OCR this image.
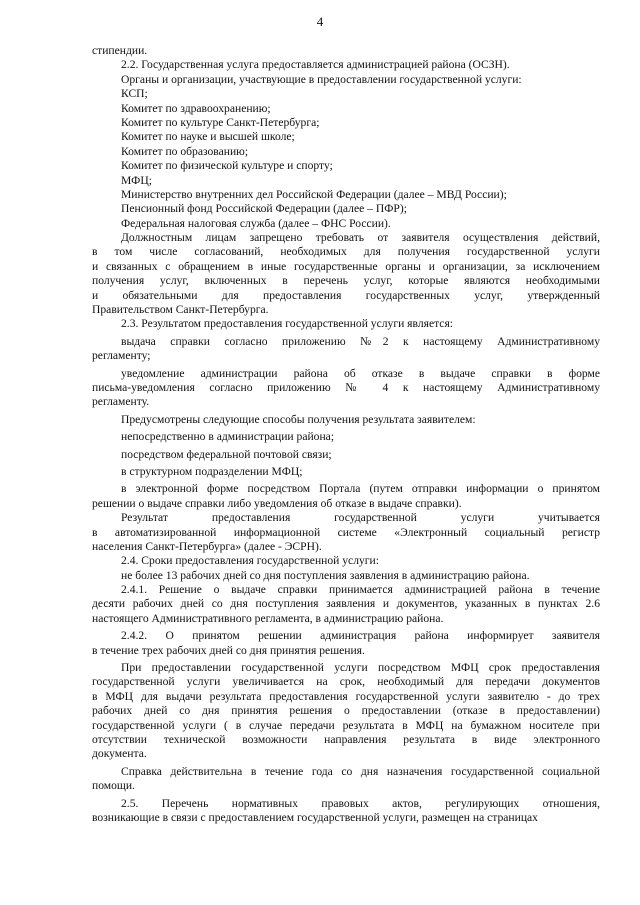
4
стипендии.
2.2. Государственная услуга предоставляется администрацией района (ОСЗН).
Органы и организации, участвующие в предоставлении государственной услуги:
КСП;
Комитет по здравоохранению;
Комитет по культуре Санкт-Петербурга;
Комитет по науке и высшей школе;
Комитет по образованию;
Комитет по физической культуре и спорту;
МФЦ;
Министерство внутренних дел Российской Федерации (далее – МВД России);
Пенсионный фонд Российской Федерации (далее – ПФР);
Федеральная налоговая служба (далее – ФНС России).
Должностным лицам запрещено требовать от заявителя осуществления действий,
в том числе согласований, необходимых для получения государственной услуги
и связанных с обращением в иные государственные органы и организации, за исключением
получения услуг, включенных в перечень услуг, которые являются необходимыми
и обязательными для предоставления государственных услуг, утвержденный
Правительством Санкт-Петербурга.
2.3. Результатом предоставления государственной услуги является:
выдача справки согласно приложению №2 к настоящему Административному
регламенту;
уведомление администрации района об отказе в выдаче справки в форме
письма-уведомления согласно приложению № 4 к настоящему Административному
регламенту.
Предусмотрены следующие способы получения результата заявителем:
непосредственно в администрации района;
посредством федеральной почтовой связи;
в структурном подразделении МФЦ;
в электронной форме посредством Портала (путем отправки информации о принятом
решении о выдаче справки либо уведомления об отказе в выдаче справки).
Результат предоставления государственной услуги учитывается
в автоматизированной информационной системе «Электронный социальный регистр
населения Санкт-Петербурга» (далее - ЭСРН).
2.4. Сроки предоставления государственной услуги:
не более 13 рабочих дней со дня поступления заявления в администрацию района.
2.4.1. Решение о выдаче справки принимается администрацией района в течение
десяти рабочих дней со дня поступления заявления и документов, указанных в пунктах 2.6
настоящего Административного регламента, в администрацию района.
2.4.2. О принятом решении администрация района информирует заявителя
в течение трех рабочих дней со дня принятия решения.
При предоставлении государственной услуги посредством МФЦ срок предоставления
государственной услуги увеличивается на срок, необходимый для передачи документов
в МФЦ для выдачи результата предоставления государственной услуги заявителю - до трех
рабочих дней со дня принятия решения о предоставлении (отказе в предоставлении)
государственной услуги ( в случае передачи результата в МФЦ на бумажном носителе при
отсутствии технической возможности направления результата в виде электронного
документа.
Справка действительна в течение года со дня назначения государственной социальной
помощи.
2.5. Перечень нормативных правовых актов, регулирующих отношения,
возникающие в связи с предоставлением государственной услуги, размещен на страницах
